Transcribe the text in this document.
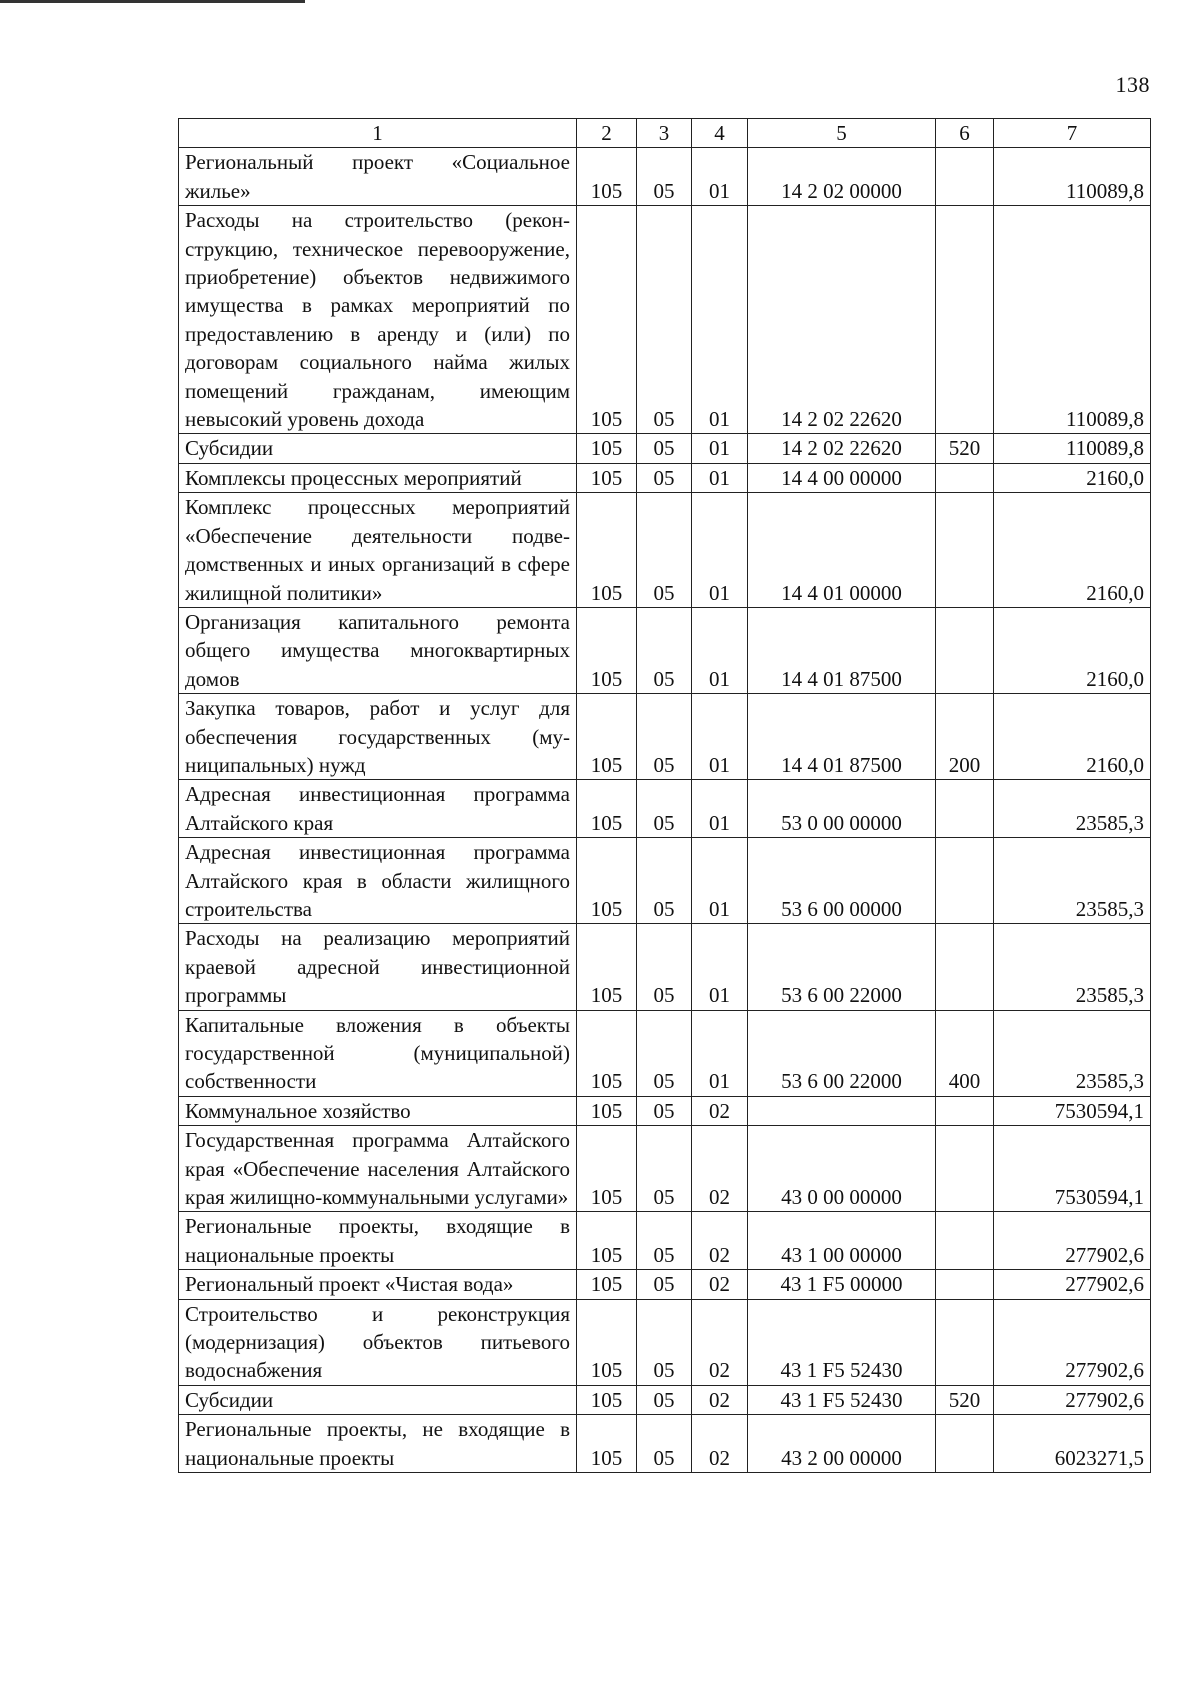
138
1	2	3	4	5	6	7
Региональный проект «Социальное жилье»	105	05	01	14 2 02 00000		110089,8
Расходы на строительство (реконструкцию, техническое перевооружение, приобретение) объектов недвижимого имущества в рамках мероприятий по предоставлению в аренду и (или) по договорам социального найма жилых помещений гражданам, имеющим невысокий уровень дохода	105	05	01	14 2 02 22620		110089,8
Субсидии	105	05	01	14 2 02 22620	520	110089,8
Комплексы процессных мероприятий	105	05	01	14 4 00 00000		2160,0
Комплекс процессных мероприятий «Обеспечение деятельности подведомственных и иных организаций в сфере жилищной политики»	105	05	01	14 4 01 00000		2160,0
Организация капитального ремонта общего имущества многоквартирных домов	105	05	01	14 4 01 87500		2160,0
Закупка товаров, работ и услуг для обеспечения государственных (муниципальных) нужд	105	05	01	14 4 01 87500	200	2160,0
Адресная инвестиционная программа Алтайского края	105	05	01	53 0 00 00000		23585,3
Адресная инвестиционная программа Алтайского края в области жилищного строительства	105	05	01	53 6 00 00000		23585,3
Расходы на реализацию мероприятий краевой адресной инвестиционной программы	105	05	01	53 6 00 22000		23585,3
Капитальные вложения в объекты государственной (муниципальной) собственности	105	05	01	53 6 00 22000	400	23585,3
Коммунальное хозяйство	105	05	02			7530594,1
Государственная программа Алтайского края «Обеспечение населения Алтайского края жилищно-коммунальными услугами»	105	05	02	43 0 00 00000		7530594,1
Региональные проекты, входящие в национальные проекты	105	05	02	43 1 00 00000		277902,6
Региональный проект «Чистая вода»	105	05	02	43 1 F5 00000		277902,6
Строительство и реконструкция (модернизация) объектов питьевого водоснабжения	105	05	02	43 1 F5 52430		277902,6
Субсидии	105	05	02	43 1 F5 52430	520	277902,6
Региональные проекты, не входящие в национальные проекты	105	05	02	43 2 00 00000		6023271,5
